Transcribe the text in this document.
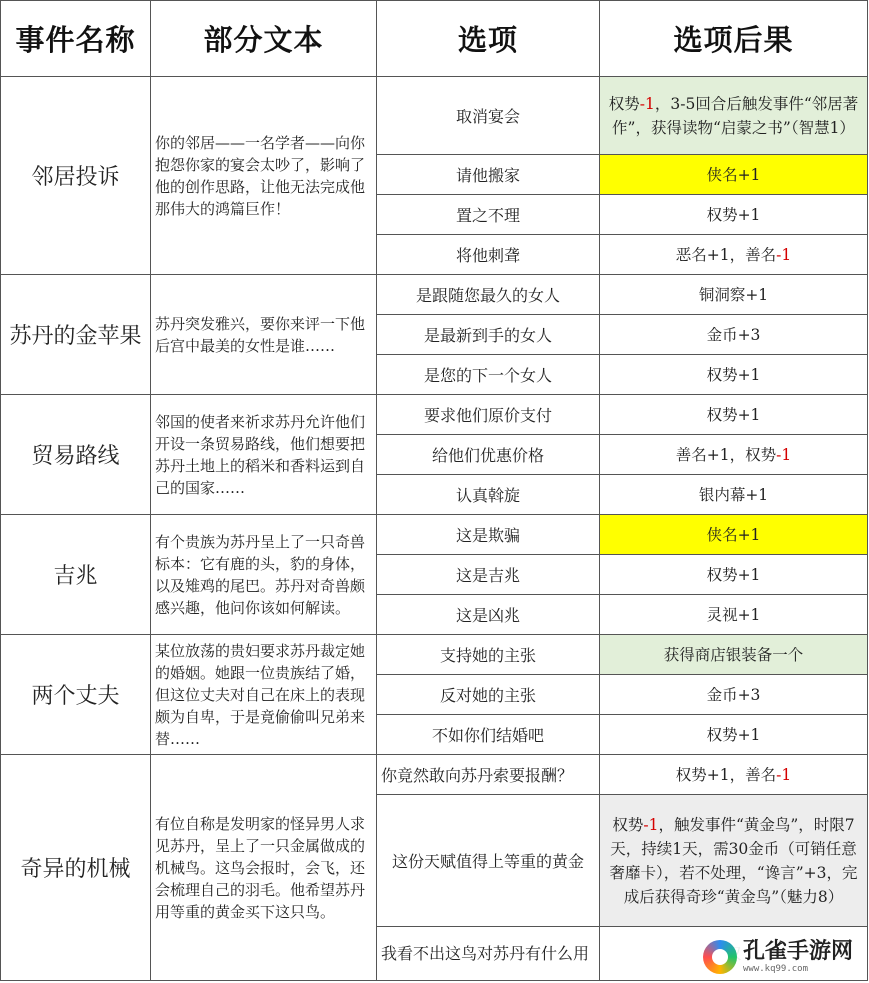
事件名称	部分文本	选项	选项后果
邻居投诉	你的邻居——一名学者——向你抱怨你家的宴会太吵了，影响了他的创作思路，让他无法完成他那伟大的鸿篇巨作！	取消宴会	权势-1，3-5回合后触发事件“邻居著作”，获得读物“启蒙之书”（智慧1）
		请他搬家	侠名+1
		置之不理	权势+1
		将他刺聋	恶名+1，善名-1
苏丹的金苹果	苏丹突发雅兴，要你来评一下他后宫中最美的女性是谁……	是跟随您最久的女人	铜洞察+1
		是最新到手的女人	金币+3
		是您的下一个女人	权势+1
贸易路线	邻国的使者来祈求苏丹允许他们开设一条贸易路线，他们想要把苏丹土地上的稻米和香料运到自己的国家……	要求他们原价支付	权势+1
		给他们优惠价格	善名+1，权势-1
		认真斡旋	银内幕+1
吉兆	有个贵族为苏丹呈上了一只奇兽标本：它有鹿的头，豹的身体，以及雉鸡的尾巴。苏丹对奇兽颇感兴趣，他问你该如何解读。	这是欺骗	侠名+1
		这是吉兆	权势+1
		这是凶兆	灵视+1
两个丈夫	某位放荡的贵妇要求苏丹裁定她的婚姻。她跟一位贵族结了婚，但这位丈夫对自己在床上的表现颇为自卑，于是竟偷偷叫兄弟来替……	支持她的主张	获得商店银装备一个
		反对她的主张	金币+3
		不如你们结婚吧	权势+1
奇异的机械	有位自称是发明家的怪异男人求见苏丹，呈上了一只金属做成的机械鸟。这鸟会报时，会飞，还会梳理自己的羽毛。他希望苏丹用等重的黄金买下这只鸟。	你竟然敢向苏丹索要报酬？	权势+1，善名-1
		这份天赋值得上等重的黄金	权势-1，触发事件“黄金鸟”，时限7天，持续1天，需30金币（可销任意奢靡卡），若不处理，“谗言”+3，完成后获得奇珍“黄金鸟”（魅力8）
		我看不出这鸟对苏丹有什么用		孔雀手游网
www.kq99.com
